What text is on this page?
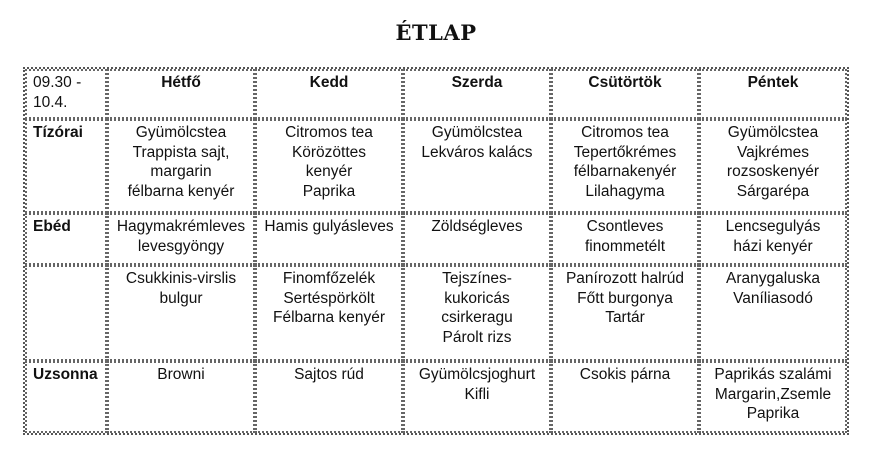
ÉTLAP
09.30 -
10.4.	Hétfő	Kedd	Szerda	Csütörtök	Péntek
Tízórai	Gyümölcstea
Trappista sajt,
margarin
félbarna kenyér	Citromos tea
Körözöttes
kenyér
Paprika	Gyümölcstea
Lekváros kalács	Citromos tea
Tepertőkrémes
félbarnakenyér
Lilahagyma	Gyümölcstea
Vajkrémes
rozsoskenyér
Sárgarépa

Ebéd	Hagymakrémleves
levesgyöngy	Hamis gulyásleves	Zöldségleves	Csontleves
finommetélt	Lencsegulyás
házi kenyér

	Csukkinis-virslis
bulgur	Finomfőzelék
Sertéspörkölt
Félbarna kenyér	Tejszínes-
kukoricás
csirkeragu
Párolt rizs	Panírozott halrúd
Főtt burgonya
Tartár	Aranygaluska
Vaníliasodó

Uzsonna	Browni	Sajtos rúd	Gyümölcsjoghurt
Kifli	Csokis párna	Paprikás szalámi
Margarin,Zsemle
Paprika
